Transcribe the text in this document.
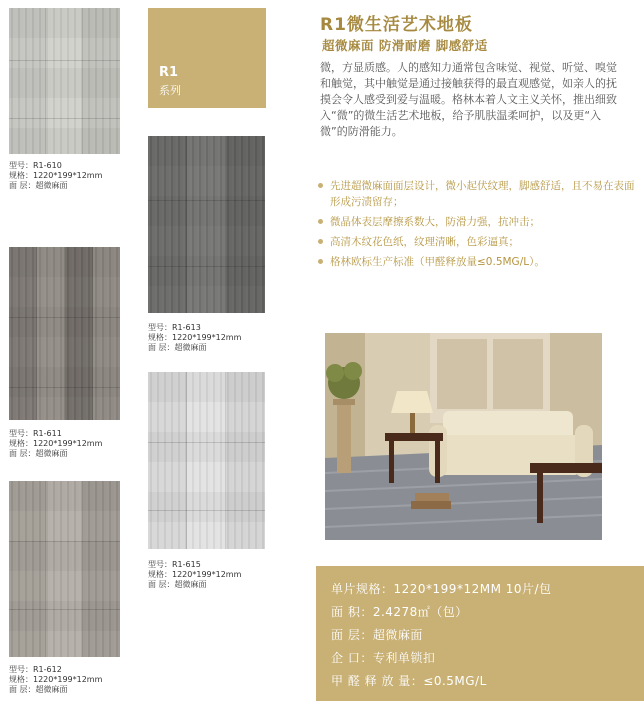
型号：R1-610
规格：1220*199*12mm
面 层：超微麻面
型号：R1-611
规格：1220*199*12mm
面 层：超微麻面
型号：R1-612
规格：1220*199*12mm
面 层：超微麻面
R1
系列
型号：R1-613
规格：1220*199*12mm
面 层：超微麻面
型号：R1-615
规格：1220*199*12mm
面 层：超微麻面
R1微生活艺术地板
超微麻面 防滑耐磨 脚感舒适
微，方显质感。人的感知力通常包含味觉、视觉、听觉、嗅觉和触觉，其中触觉是通过接触获得的最直观感觉，如亲人的抚摸会令人感受到爱与温暖。格林本着人文主义关怀，推出细致入“微”的微生活艺术地板，给予肌肤温柔呵护，以及更“入微”的防滑能力。
先进超微麻面面层设计，微小起伏纹理，脚感舒适，且不易在表面形成污渍留存；
微晶体表层摩擦系数大，防滑力强，抗冲击；
高清木纹花色纸，纹理清晰，色彩逼真；
格林欧标生产标准（甲醛释放量≤0.5MG/L）。
单片规格：1220*199*12MM 10片/包
面 积：2.4278㎡（包）
面 层：超微麻面
企 口：专利单锁扣
甲 醛 释 放 量：≤0.5MG/L
